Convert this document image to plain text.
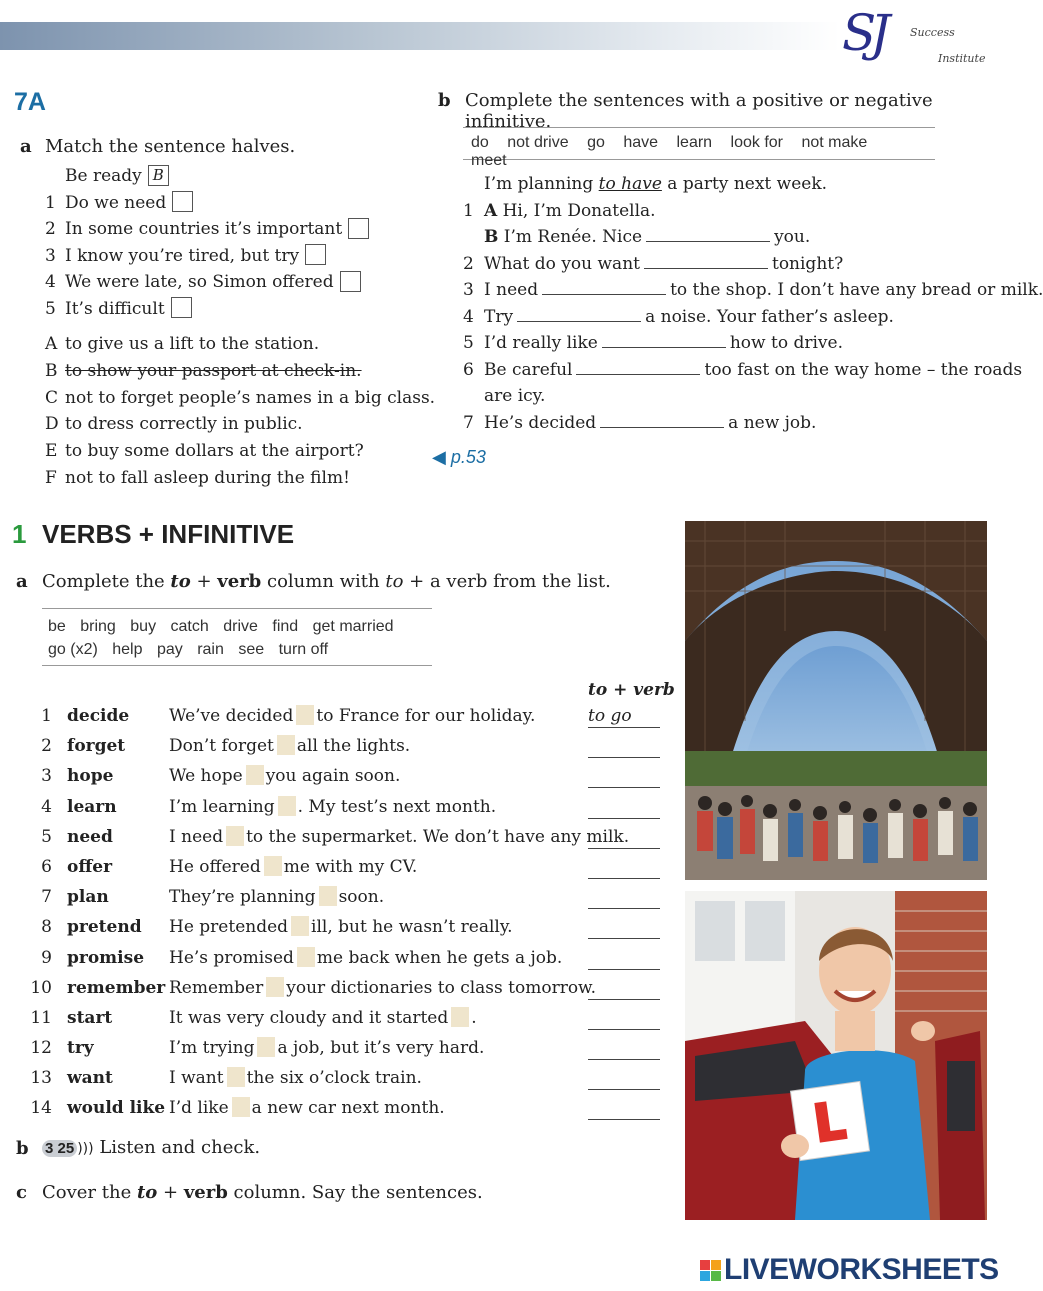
SJ Success
Institute
7A
a Match the sentence halves.
Be ready B
1 Do we need
2 In some countries it’s important
3 I know you’re tired, but try
4 We were late, so Simon offered
5 It’s difficult
A to give us a lift to the station.
B to show your passport at check-in.
C not to forget people’s names in a big class.
D to dress correctly in public.
E to buy some dollars at the airport?
F not to fall asleep during the film!
b Complete the sentences with a positive or negative infinitive.
do not drive go have learn look for not make meet
I’m planning to have a party next week.
1 A Hi, I’m Donatella.
B I’m Renée. Nice	you.
2 What do you want	tonight?
3 I need	to the shop. I don’t have any bread or milk.
4 Try	a noise. Your father’s asleep.
5 I’d really like	how to drive.
6 Be careful	too fast on the way home – the roads
are icy.
7 He’s decided	a new job.
◀ p.53
1 VERBS + INFINITIVE
a Complete the to + verb column with to + a verb from the list.
be bring buy catch drive find get married
go (x2) help pay rain see turn off
to + verb
1 decide We’ve decided to France for our holiday.	to go
2 forget	Don’t forget all the lights.
3 hope	We hope you again soon.
4 learn	I’m learning . My test’s next month.
5 need	I need to the supermarket. We don’t have any milk.
6 offer	He offered me with my CV.
7 plan	They’re planning soon.
8 pretend He pretended ill, but he wasn’t really.
9 promise He’s promised me back when he gets a job.
10 remember Remember your dictionaries to class tomorrow.
11 start	It was very cloudy and it started .
12 try	I’m trying a job, but it’s very hard.
13 want	I want the six o’clock train.
14 would like I’d like a new car next month.
b 3 25 ))) Listen and check.
c Cover the to + verb column. Say the sentences.
LIVEWORKSHEETS
